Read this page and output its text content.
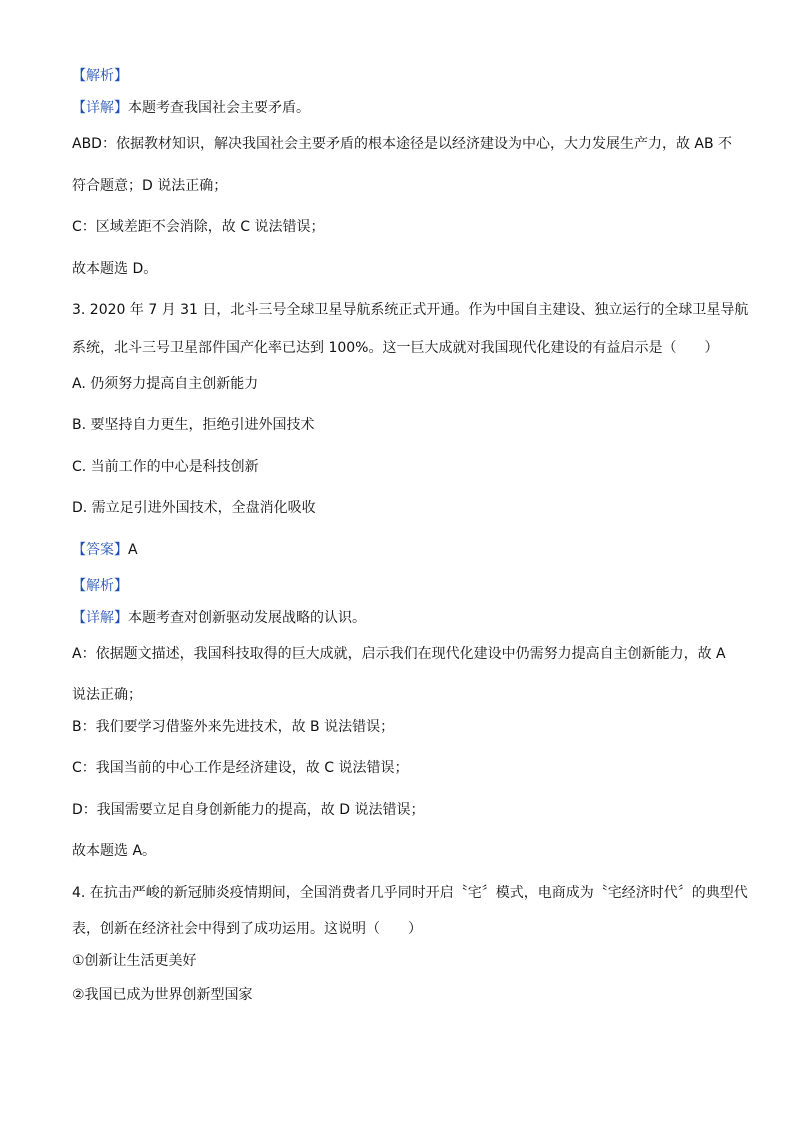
【解析】
【详解】本题考查我国社会主要矛盾。
ABD：依据教材知识，解决我国社会主要矛盾的根本途径是以经济建设为中心，大力发展生产力，故 AB 不
符合题意；D 说法正确；
C：区域差距不会消除，故 C 说法错误；
故本题选 D。
3. 2020 年 7 月 31 日，北斗三号全球卫星导航系统正式开通。作为中国自主建设、独立运行的全球卫星导航
系统，北斗三号卫星部件国产化率已达到 100%。这一巨大成就对我国现代化建设的有益启示是（　　）
A. 仍须努力提高自主创新能力
B. 要坚持自力更生，拒绝引进外国技术
C. 当前工作的中心是科技创新
D. 需立足引进外国技术，全盘消化吸收
【答案】A
【解析】
【详解】本题考查对创新驱动发展战略的认识。
A：依据题文描述，我国科技取得的巨大成就，启示我们在现代化建设中仍需努力提高自主创新能力，故 A
说法正确；
B：我们要学习借鉴外来先进技术，故 B 说法错误；
C：我国当前的中心工作是经济建设，故 C 说法错误；
D：我国需要立足自身创新能力的提高，故 D 说法错误；
故本题选 A。
4. 在抗击严峻的新冠肺炎疫情期间，全国消费者几乎同时开启〝宅〞模式，电商成为〝宅经济时代〞的典型代
表，创新在经济社会中得到了成功运用。这说明（　　）
①创新让生活更美好
②我国已成为世界创新型国家
